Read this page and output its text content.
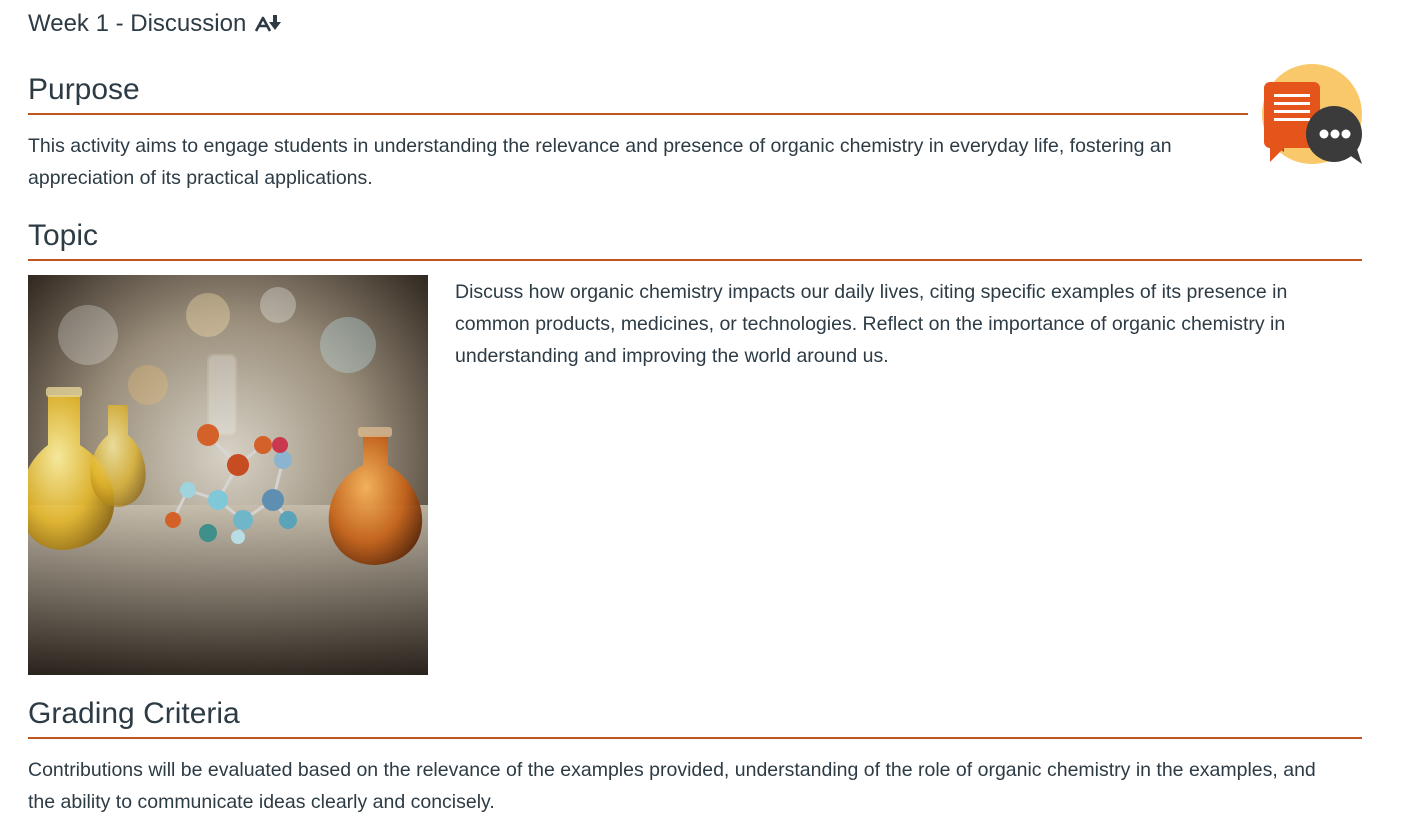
Week 1 - Discussion
Purpose

This activity aims to engage students in understanding the relevance and presence of organic chemistry in everyday life, fostering an appreciation of its practical applications.

Topic

Discuss how organic chemistry impacts our daily lives, citing specific examples of its presence in common products, medicines, or technologies. Reflect on the importance of organic chemistry in understanding and improving the world around us.

Grading Criteria

Contributions will be evaluated based on the relevance of the examples provided, understanding of the role of organic chemistry in the examples, and the ability to communicate ideas clearly and concisely.
